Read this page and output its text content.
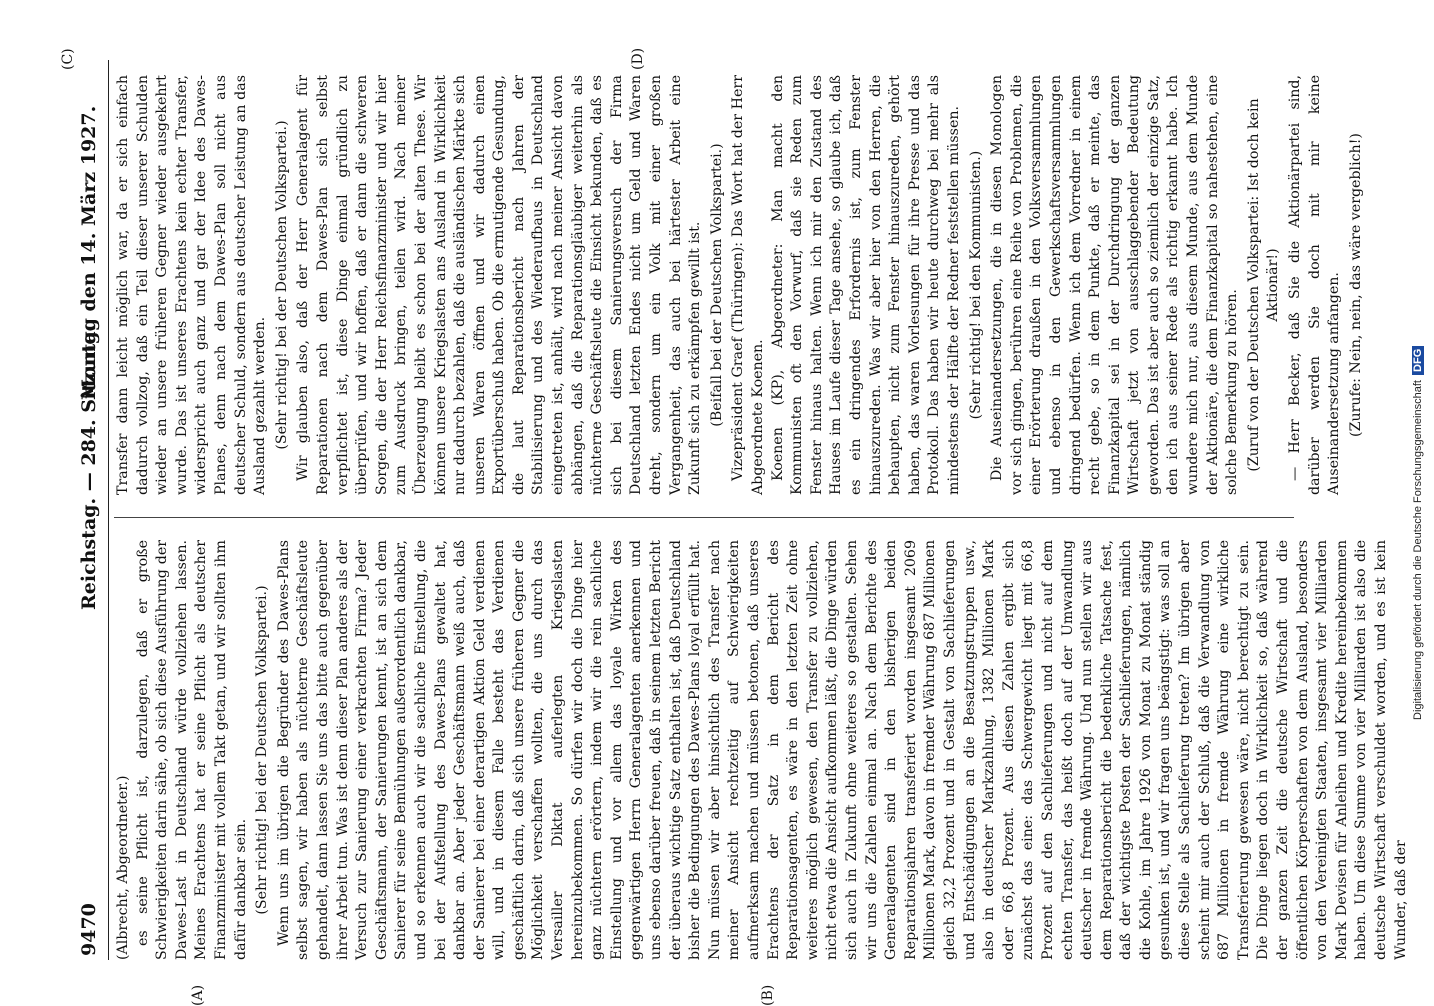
9470
Reichstag. — 284. Sitzung.
Montag den 14. März 1927.

(Albrecht, Abgeordneter.) es seine Pflicht ist, darzulegen, daß er große Schwierigkeiten darin sähe, ob sich diese Ausführung der Dawes-Last in Deutschland würde vollziehen lassen. Meines Erachtens hat er seine Pflicht als deutscher Finanzminister mit vollem Takt getan, und wir sollten ihm dafür dankbar sein. (Sehr richtig! bei der Deutschen Volkspartei.) Wenn uns im übrigen die Begründer des Dawes-Plans selbst sagen, wir haben als nüchterne Geschäftsleute gehandelt, dann lassen Sie uns das bitte auch gegenüber ihrer Arbeit tun. Was ist denn dieser Plan anderes als der Versuch zur Sanierung einer verkrachten Firma? Jeder Geschäftsmann, der Sanierungen kennt, ist an sich dem Sanierer für seine Bemühungen außerordentlich dankbar, und so erkennen auch wir die sachliche Einstellung, die bei der Aufstellung des Dawes-Plans gewaltet hat, dankbar an. Aber jeder Geschäftsmann weiß auch, daß der Sanierer bei einer derartigen Aktion Geld verdienen will, und in diesem Falle besteht das Verdienen geschäftlich darin, daß sich unsere früheren Gegner die Möglichkeit verschaffen wollten, die uns durch das Versailler Diktat auferlegten Kriegslasten hereinzubekommen. So dürfen wir doch die Dinge hier ganz nüchtern erörtern, indem wir die rein sachliche Einstellung und vor allem das loyale Wirken des gegenwärtigen Herrn Generalagenten anerkennen und uns ebenso darüber freuen, daß in seinem letzten Bericht der überaus wichtige Satz enthalten ist, daß Deutschland bisher die Bedingungen des Dawes-Plans loyal erfüllt hat. Nun müssen wir aber hinsichtlich des Transfer nach meiner Ansicht rechtzeitig auf Schwierigkeiten aufmerksam machen und müssen betonen, daß unseres Erachtens der Satz in dem Bericht des Reparationsagenten, es wäre in den letzten Zeit ohne weiteres möglich gewesen, den Transfer zu vollziehen, nicht etwa die Ansicht aufkommen läßt, die Dinge würden sich auch in Zukunft ohne weiteres so gestalten. Sehen wir uns die Zahlen einmal an. Nach dem Berichte des Generalagenten sind in den bisherigen beiden Reparationsjahren transferiert worden insgesamt 2069 Millionen Mark, davon in fremder Währung 687 Millionen gleich 32,2 Prozent und in Gestalt von Sachlieferungen und Entschädigungen an die Besatzungstruppen usw., also in deutscher Markzahlung, 1382 Millionen Mark oder 66,8 Prozent. Aus diesen Zahlen ergibt sich zunächst das eine: das Schwergewicht liegt mit 66,8 Prozent auf den Sachlieferungen und nicht auf dem echten Transfer, das heißt doch auf der Umwandlung deutscher in fremde Währung. Und nun stellen wir aus dem Reparationsbericht die bedenkliche Tatsache fest, daß der wichtigste Posten der Sachlieferungen, nämlich die Kohle, im Jahre 1926 von Monat zu Monat ständig gesunken ist, und wir fragen uns beängstigt: was soll an diese Stelle als Sachlieferung treten? Im übrigen aber scheint mir auch der Schluß, daß die Verwandlung von 687 Millionen in fremde Währung eine wirkliche Transferierung gewesen wäre, nicht berechtigt zu sein. Die Dinge liegen doch in Wirklichkeit so, daß während der ganzen Zeit die deutsche Wirtschaft und die öffentlichen Körperschaften von dem Ausland, besonders von den Vereinigten Staaten, insgesamt vier Milliarden Mark Devisen für Anleihen und Kredite hereinbekommen haben. Um diese Summe von vier Milliarden ist also die deutsche Wirtschaft verschuldet worden, und es ist kein Wunder, daß der

Transfer dann leicht möglich war, da er sich einfach dadurch vollzog, daß ein Teil dieser unserer Schulden wieder an unsere früheren Gegner wieder ausgekehrt wurde. Das ist unseres Erachtens kein echter Transfer, widerspricht auch ganz und gar der Idee des Dawes-Planes, denn nach dem Dawes-Plan soll nicht aus deutscher Schuld, sondern aus deutscher Leistung an das Ausland gezahlt werden. (Sehr richtig! bei der Deutschen Volkspartei.) Wir glauben also, daß der Herr Generalagent für Reparationen nach dem Dawes-Plan sich selbst verpflichtet ist, diese Dinge einmal gründlich zu überprüfen, und wir hoffen, daß er dann die schweren Sorgen, die der Herr Reichsfinanzminister und wir hier zum Ausdruck bringen, teilen wird. Nach meiner Überzeugung bleibt es schon bei der alten These. Wir können unsere Kriegslasten ans Ausland in Wirklichkeit nur dadurch bezahlen, daß die ausländischen Märkte sich unseren Waren öffnen und wir dadurch einen Exportüberschuß haben. Ob die ermutigende Gesundung, die laut Reparationsbericht nach Jahren der Stabilisierung und des Wiederaufbaus in Deutschland eingetreten ist, anhält, wird nach meiner Ansicht davon abhängen, daß die Reparationsgläubiger weiterhin als nüchterne Geschäftsleute die Einsicht bekunden, daß es sich bei diesem Sanierungsversuch der Firma Deutschland letzten Endes nicht um Geld und Waren dreht, sondern um ein Volk mit einer großen Vergangenheit, das auch bei härtester Arbeit eine Zukunft sich zu erkämpfen gewillt ist. (Beifall bei der Deutschen Volkspartei.) Vizepräsident Graef (Thüringen): Das Wort hat der Herr Abgeordnete Koenen. Koenen (KP), Abgeordneter: Man macht den Kommunisten oft den Vorwurf, daß sie Reden zum Fenster hinaus halten. Wenn ich mir den Zustand des Hauses im Laufe dieser Tage ansehe, so glaube ich, daß es ein dringendes Erfordernis ist, zum Fenster hinauszureden. Was wir aber hier von den Herren, die behaupten, nicht zum Fenster hinauszureden, gehört haben, das waren Vorlesungen für ihre Presse und das Protokoll. Das haben wir heute durchweg bei mehr als mindestens der Hälfte der Redner feststellen müssen. (Sehr richtig! bei den Kommunisten.) Die Auseinandersetzungen, die in diesen Monologen vor sich gingen, berühren eine Reihe von Problemen, die einer Erörterung draußen in den Volksversammlungen und ebenso in den Gewerkschaftsversammlungen dringend bedürfen. Wenn ich dem Vorredner in einem recht gebe, so in dem Punkte, daß er meinte, das Finanzkapital sei in der Durchdringung der ganzen Wirtschaft jetzt von ausschlaggebender Bedeutung geworden. Das ist aber auch so ziemlich der einzige Satz, den ich aus seiner Rede als richtig erkannt habe. Ich wundere mich nur, aus diesem Munde, aus dem Munde der Aktionäre, die dem Finanzkapital so nahestehen, eine solche Bemerkung zu hören. (Zuruf von der Deutschen Volkspartei: Ist doch kein Aktionär!) — Herr Becker, daß Sie die Aktionärpartei sind, darüber werden Sie doch mit mir keine Auseinandersetzung anfangen. (Zurufe: Nein, nein, das wäre vergeblich!)

(A)	(B)
(C)	(D)
Digitalisierung gefördert durch die Deutsche Forschungsgemeinschaft DFG
